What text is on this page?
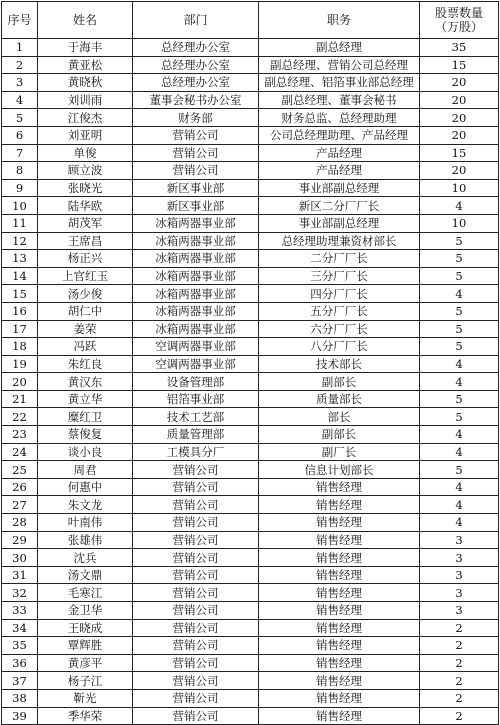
序号	姓名	部门	职务	股票数量
（万股）

1	于海丰	总经理办公室	副总经理	35
2	黄亚松	总经理办公室	副总经理、营销公司总经理	15
3	黄晓秋	总经理办公室	副总经理、铝箔事业部总经理	20
4	刘训雨	董事会秘书办公室	副总经理、董事会秘书	20
5	江俊杰	财务部	财务总监、总经理助理	20
6	刘亚明	营销公司	公司总经理助理、产品经理	20
7	单俊	营销公司	产品经理	15
8	顾立波	营销公司	产品经理	20
9	张晓光	新区事业部	事业部副总经理	10
10	陆华欧	新区事业部	新区二分厂厂长	4
11	胡茂军	冰箱两器事业部	事业部副总经理	10
12	王席昌	冰箱两器事业部	总经理助理兼资材部长	5
13	杨正兴	冰箱两器事业部	二分厂厂长	5
14	上官红玉	冰箱两器事业部	三分厂厂长	5
15	汤少俊	冰箱两器事业部	四分厂厂长	4
16	胡仁中	冰箱两器事业部	五分厂厂长	5
17	姜荣	冰箱两器事业部	六分厂厂长	5
18	冯跃	空调两器事业部	八分厂厂长	5
19	朱红良	空调两器事业部	技术部长	4
20	黄汉东	设备管理部	副部长	4
21	黄立华	铝箔事业部	质量部长	5
22	糜红卫	技术工艺部	部长	5
23	蔡俊复	质量管理部	副部长	4
24	谈小良	工模具分厂	副厂长	4
25	周君	营销公司	信息计划部长	5
26	何惠中	营销公司	销售经理	4
27	朱文龙	营销公司	销售经理	4
28	叶南伟	营销公司	销售经理	4
29	张雄伟	营销公司	销售经理	3
30	沈兵	营销公司	销售经理	3
31	汤文鼎	营销公司	销售经理	3
32	毛寒江	营销公司	销售经理	3
33	金卫华	营销公司	销售经理	3
34	王晓成	营销公司	销售经理	2
35	覃辉胜	营销公司	销售经理	2
36	黄彦平	营销公司	销售经理	2
37	杨子江	营销公司	销售经理	2
38	靳光	营销公司	销售经理	2
39	季华荣	营销公司	销售经理	2
